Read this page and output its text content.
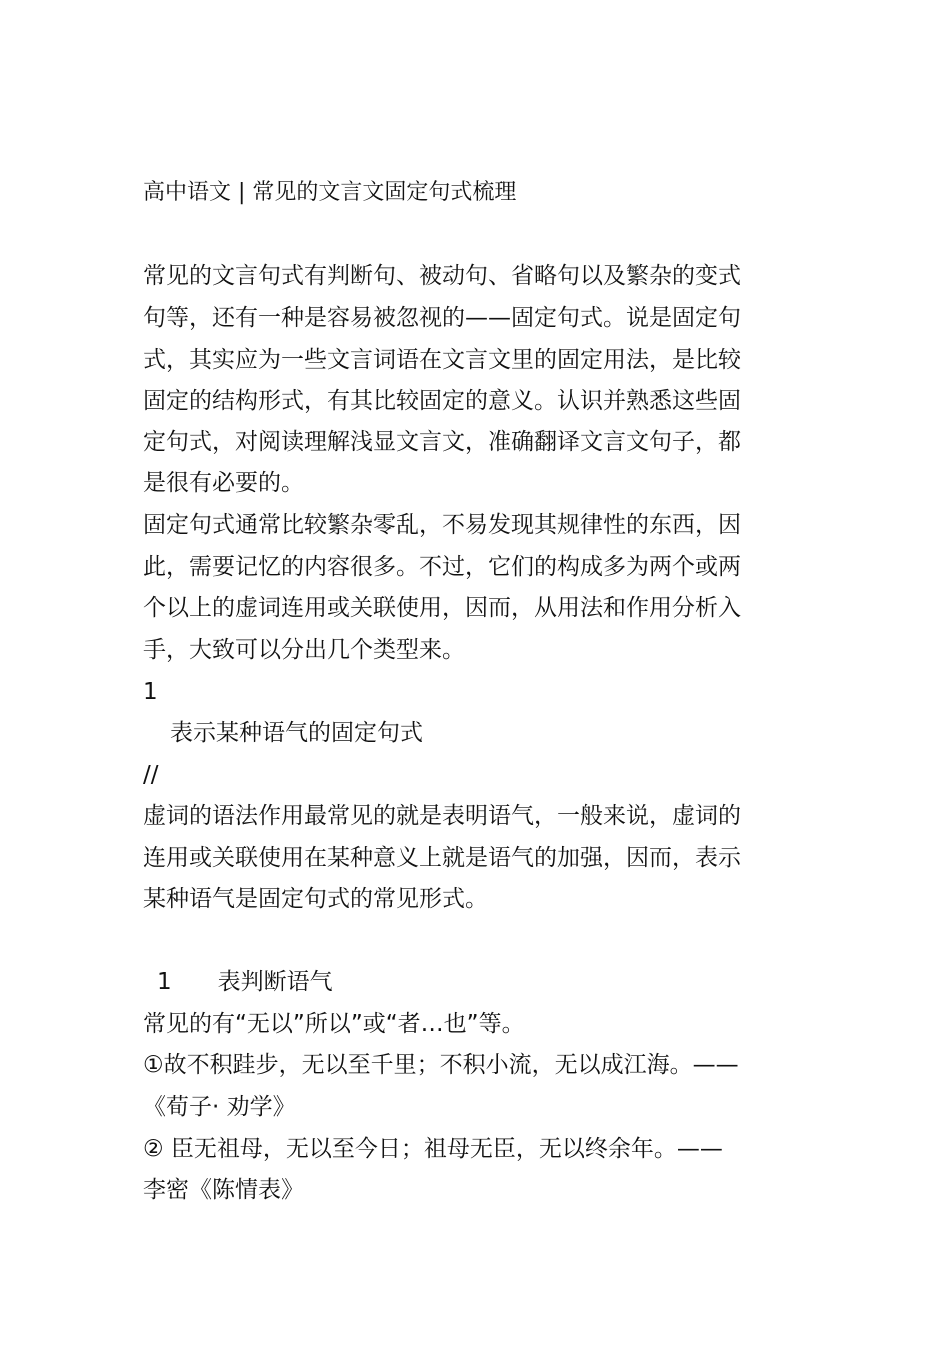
高中语文 | 常见的文言文固定句式梳理
常见的文言句式有判断句、被动句、省略句以及繁杂的变式
句等，还有一种是容易被忽视的——固定句式。说是固定句
式，其实应为一些文言词语在文言文里的固定用法，是比较
固定的结构形式，有其比较固定的意义。认识并熟悉这些固
定句式，对阅读理解浅显文言文，准确翻译文言文句子，都
是很有必要的。
固定句式通常比较繁杂零乱，不易发现其规律性的东西，因
此，需要记忆的内容很多。不过，它们的构成多为两个或两
个以上的虚词连用或关联使用，因而，从用法和作用分析入
手，大致可以分出几个类型来。
1
表示某种语气的固定句式
//
虚词的语法作用最常见的就是表明语气，一般来说，虚词的
连用或关联使用在某种意义上就是语气的加强，因而，表示
某种语气是固定句式的常见形式。
1　　表判断语气
常见的有“无以”所以”或“者…也”等。
①故不积跬步，无以至千里；不积小流，无以成江海。——
《荀子· 劝学》
② 臣无祖母，无以至今日；祖母无臣，无以终余年。——
李密《陈情表》
